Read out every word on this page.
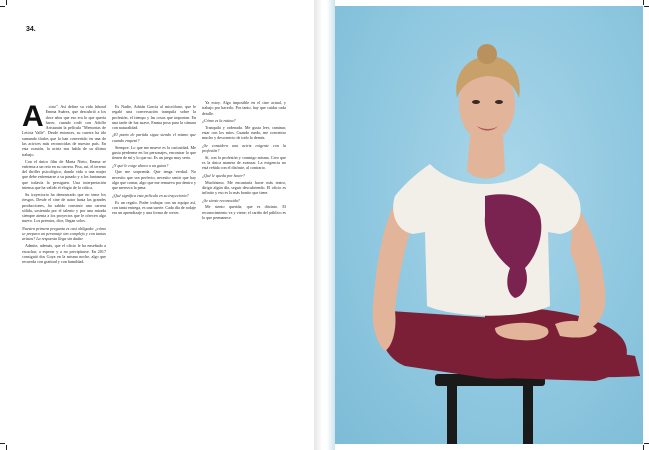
34.
A	ctriz". Así define su vida laboral Emma Suárez, que descubrió a los doce años que eso era lo que quería hacer, cuando rodó con Adolfo Aristarain la película "Memorias de Leticia Valle". Desde entonces, su carrera ha ido sumando títulos que la han convertido en una de las actrices más reconocidas de nuestro país. En esta ocasión, la actriz nos habla de su último trabajo.

Con el único film de Marta Nieto, Emma se enfrenta a un reto en su carrera. Pisa, así, el terreno del thriller psicológico, dando vida a una mujer que debe enfrentarse a su pasado y a los fantasmas que todavía la persiguen. Una interpretación intensa que ha valido el elogio de la crítica.

Su trayectoria ha demostrado que no teme los riesgos. Desde el cine de autor hasta las grandes producciones, ha sabido construir una carrera sólida, sostenida por el talento y por una mirada siempre atenta a los proyectos que le ofrecen algo nuevo. Los premios, dice, llegan solos.

Nuestra primera pregunta es casi obligada: ¿cómo se prepara un personaje tan complejo y con tantas aristas? La respuesta llega sin dudar.

Admite, además, que el oficio le ha enseñado a escuchar, a esperar y a no precipitarse. En 2017 consiguió dos Goya en la misma noche, algo que recuerda con gratitud y con humildad.

Es Nadie, Adrián García al micrófono, que le regaló una conversación tranquila sobre la profesión, el tiempo y las cosas que importan. En una tarde de luz suave, Emma posa para la cámara con naturalidad.

¿El punto de partida sigue siendo el mismo que cuando empezó?

Siempre. Lo que me mueve es la curiosidad. Me gusta perderme en los personajes, encontrar lo que tienen de mí y lo que no. Es un juego muy serio.

¿Y qué le exige ahora a un guion?

Que me sorprenda. Que tenga verdad. No necesito que sea perfecto, necesito sentir que hay algo que contar, algo que me remueva por dentro y que merezca la pena.

¿Qué significa esta película en su trayectoria?

Es un regalo. Poder trabajar con un equipo así, con tanta entrega, es una suerte. Cada día de rodaje era un aprendizaje y una forma de crecer.

Ya estoy. Algo imposible en el cine actual, y trabajo por hacerlo. Por tanto, hay que cuidar cada detalle.

¿Cómo es la rutina?

Tranquila y ordenada. Me gusta leer, caminar, estar con los míos. Cuando ruedo, me concentro mucho y desconecto de todo lo demás.

¿Se considera una actriz exigente con la profesión?

Sí, con la profesión y conmigo misma. Creo que es la única manera de avanzar. La exigencia no está reñida con el disfrute, al contrario.

¿Qué le queda por hacer?

Muchísimo. Me encantaría hacer más teatro, dirigir algún día, seguir descubriendo. El oficio es infinito y eso es lo más bonito que tiene.

¿Se siente reconocida?

Me siento querida, que es distinto. El reconocimiento va y viene; el cariño del público es lo que permanece.
